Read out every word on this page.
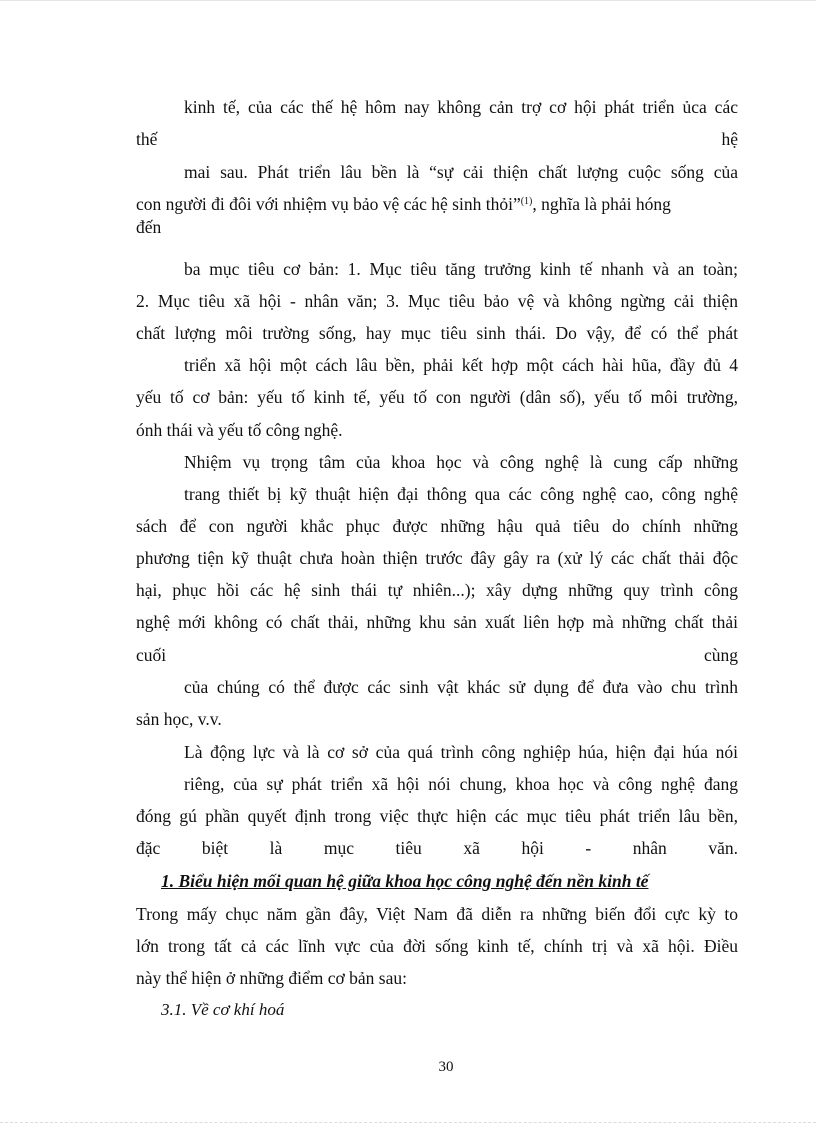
kinh tế, của các thế hệ hôm nay không cản trợ cơ hội phát triển ủca các
thế	hệ
mai sau. Phát triển lâu bền là “sự cải thiện chất lượng cuộc sống của
con người đi đôi với nhiệm vụ bảo vệ các hệ sinh thỏi”$^{(1)}$, nghĩa là phải hóng
đến
ba mục tiêu cơ bản: 1. Mục tiêu tăng trưởng kinh tế nhanh và an toàn;
2. Mục tiêu xã hội - nhân văn; 3. Mục tiêu bảo vệ và không ngừng cải thiện
chất lượng môi trường sống, hay mục tiêu sinh thái. Do vậy, để có thể phát
triển xã hội một cách lâu bền, phải kết hợp một cách hài hũa, đầy đủ 4
yếu tố cơ bản: yếu tố kinh tế, yếu tố con người (dân số), yếu tố môi trường,
ónh thái và yếu tố công nghệ.
Nhiệm vụ trọng tâm của khoa học và công nghệ là cung cấp những
trang thiết bị kỹ thuật hiện đại thông qua các công nghệ cao, công nghệ
sách để con người khắc phục được những hậu quả tiêu do chính những
phương tiện kỹ thuật chưa hoàn thiện trước đây gây ra (xử lý các chất thải độc
hại, phục hồi các hệ sinh thái tự nhiên...); xây dựng những quy trình công
nghệ mới không có chất thải, những khu sản xuất liên hợp mà những chất thải
cuối	cùng
của chúng có thể được các sinh vật khác sử dụng để đưa vào chu trình
sản học, v.v.
Là động lực và là cơ sở của quá trình công nghiệp húa, hiện đại húa nói
riêng, của sự phát triển xã hội nói chung, khoa học và công nghệ đang
đóng gú phần quyết định trong việc thực hiện các mục tiêu phát triển lâu bền,
đặc biệt là mục tiêu xã hội - nhân văn.
1. Biểu hiện mối quan hệ giữa khoa học công nghệ đến nền kinh tế
Trong mấy chục năm gần đây, Việt Nam đã diễn ra những biến đổi cực kỳ to
lớn trong tất cả các lĩnh vực của đời sống kinh tế, chính trị và xã hội. Điều
này thể hiện ở những điểm cơ bản sau:
3.1. Về cơ khí hoá
30
